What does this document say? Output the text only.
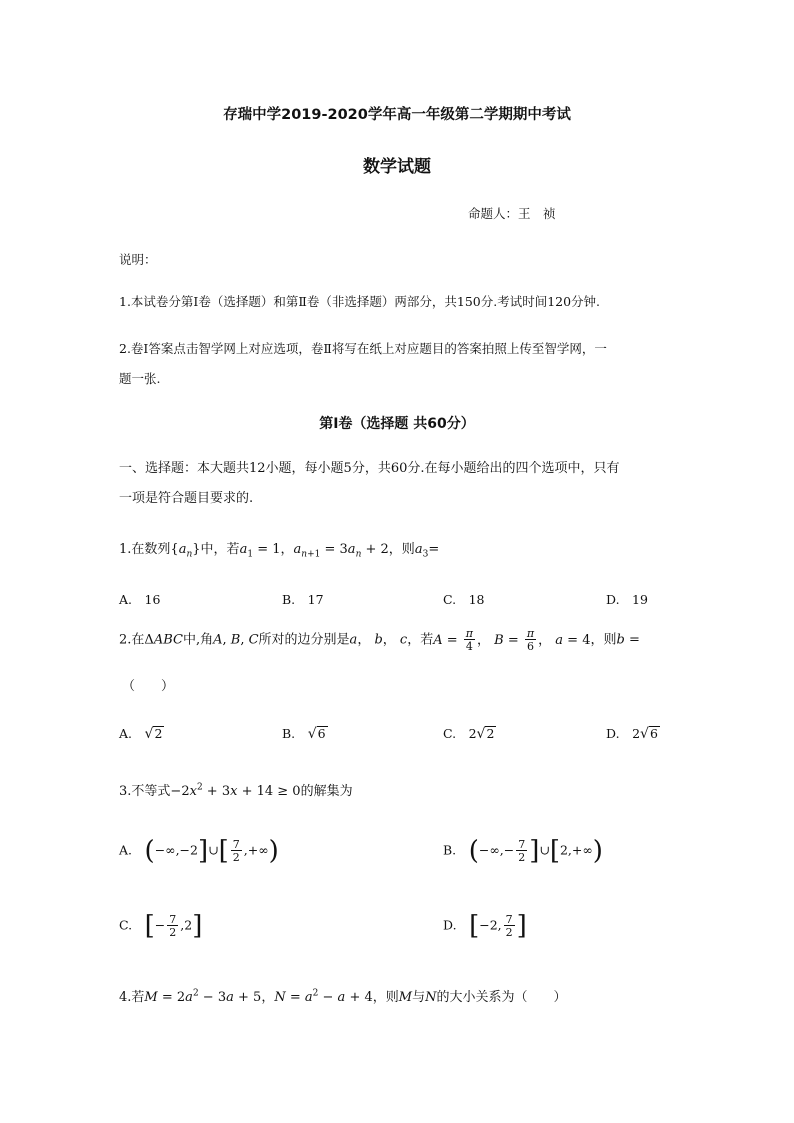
存瑞中学2019-2020学年高一年级第二学期期中考试
数学试题
命题人：王　祯
说明：
1.本试卷分第Ⅰ卷（选择题）和第Ⅱ卷（非选择题）两部分，共150分.考试时间120分钟.
2.卷Ⅰ答案点击智学网上对应选项，卷Ⅱ将写在纸上对应题目的答案拍照上传至智学网，一
题一张.
第Ⅰ卷（选择题 共60分）
一、选择题：本大题共12小题，每小题5分，共60分.在每小题给出的四个选项中，只有
一项是符合题目要求的.
1.在数列$\{a_n\}$中，若$a_1 = 1$，$a_{n+1} = 3a_n + 2$，则$a_3=$
A.　16	B.　17	C.　18	D.　19
2.在ΔABC中,角A, B, C所对的边分别是a， b， c，若$A = \frac{\pi}{4}$ ， $B = \frac{\pi}{6}$ ， a = 4，则b =
（　　）
A.　 √2	B.　 √6	C.　2√2	D.　2√6
3.不等式$-2x^2 + 3x + 14 \ge 0$的解集为
A.　 (−∞,−2]∪[ $\frac{7}{2}$ ,+∞)	B.　 (−∞,− $\frac{7}{2}$ ]∪[2,+∞)
C.　 [− $\frac{7}{2} ,2$]	D.　 [−2, $\frac{7}{2}$ ]
4.若$M = 2a^2 - 3a + 5$，$N = a^2 - a + 4$，则M与N的大小关系为（　　）
